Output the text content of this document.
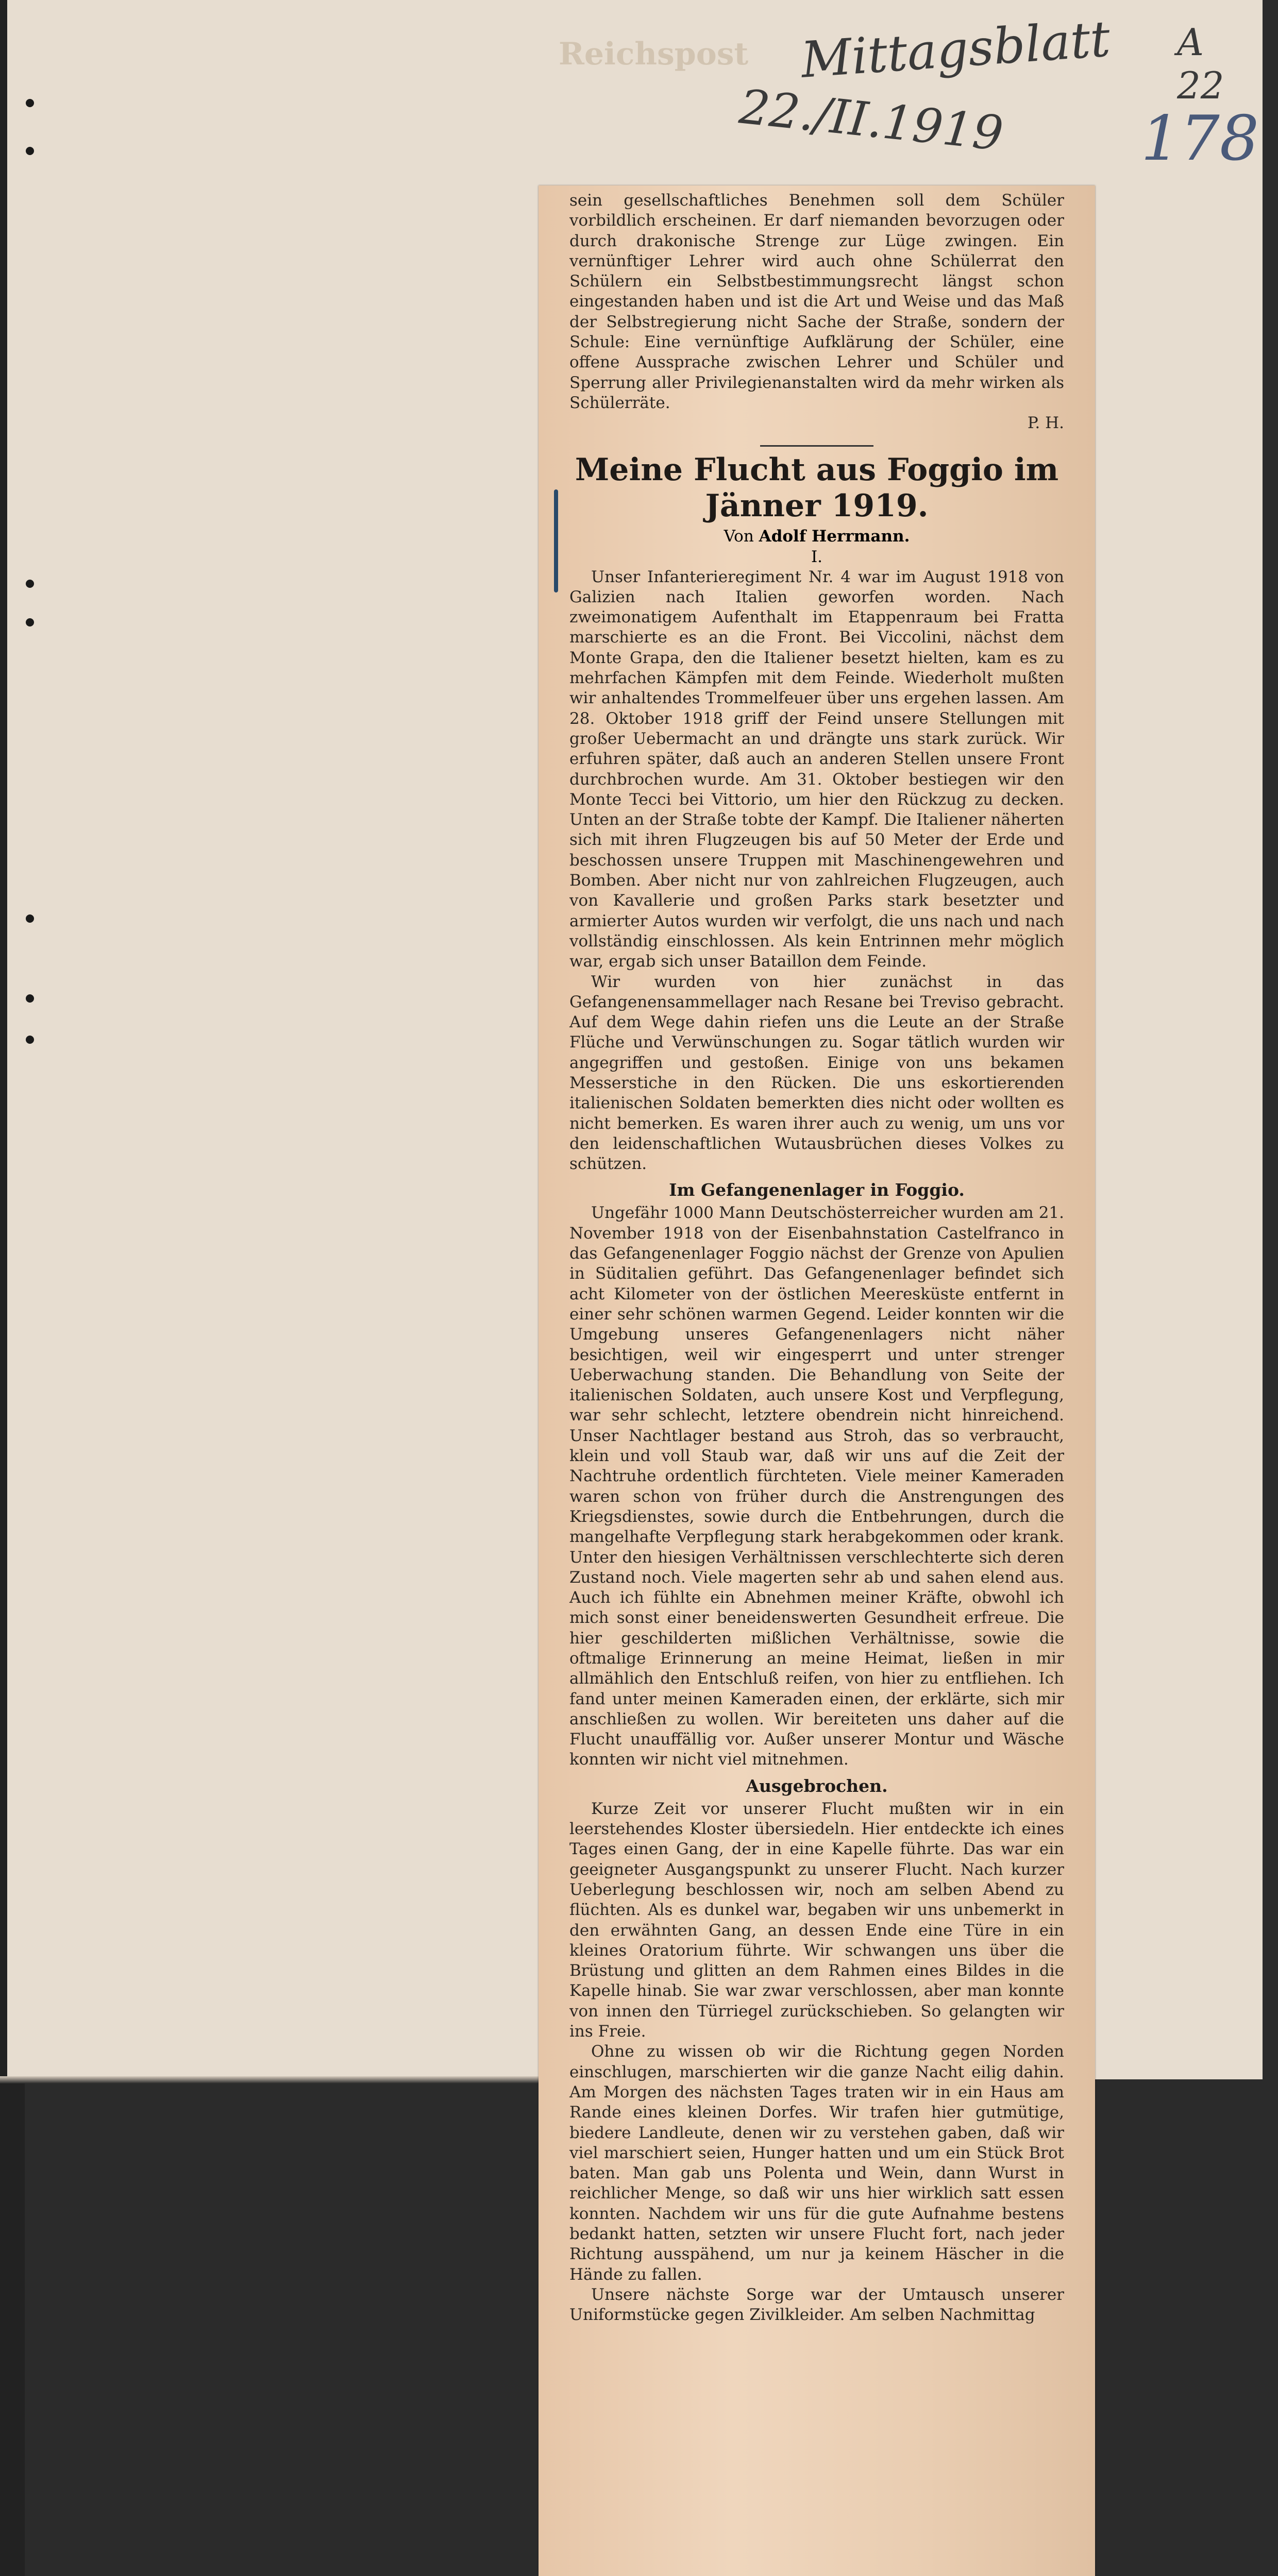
Reichspost Mittagsblatt
22./II.1919 178
A 22

sein gesellschaftliches Benehmen soll dem Schüler vorbildlich erscheinen. Er darf niemanden bevorzugen oder durch drakonische Strenge zur Lüge zwingen. Ein vernünftiger Lehrer wird auch ohne Schülerrat den Schülern ein Selbstbestimmungsrecht längst schon eingestanden haben und ist die Art und Weise und das Maß der Selbstregierung nicht Sache der Straße, sondern der Schule: Eine vernünftige Aufklärung der Schüler, eine offene Aussprache zwischen Lehrer und Schüler und Sperrung aller Privilegienanstalten wird da mehr wirken als Schülerräte.

P. H.

Meine Flucht aus Foggio im Jänner 1919.

Von Adolf Herrmann.

I.

Unser Infanterieregiment Nr. 4 war im August 1918 von Galizien nach Italien geworfen worden. Nach zweimonatigem Aufenthalt im Etappenraum bei Fratta marschierte es an die Front. Bei Viccolini, nächst dem Monte Grapa, den die Italiener besetzt hielten, kam es zu mehrfachen Kämpfen mit dem Feinde. Wiederholt mußten wir anhaltendes Trommelfeuer über uns ergehen lassen. Am 28. Oktober 1918 griff der Feind unsere Stellungen mit großer Uebermacht an und drängte uns stark zurück. Wir erfuhren später, daß auch an anderen Stellen unsere Front durchbrochen wurde. Am 31. Oktober bestiegen wir den Monte Tecci bei Vittorio, um hier den Rückzug zu decken. Unten an der Straße tobte der Kampf. Die Italiener näherten sich mit ihren Flugzeugen bis auf 50 Meter der Erde und beschossen unsere Truppen mit Maschinengewehren und Bomben. Aber nicht nur von zahlreichen Flugzeugen, auch von Kavallerie und großen Parks stark besetzter und armierter Autos wurden wir verfolgt, die uns nach und nach vollständig einschlossen. Als kein Entrinnen mehr möglich war, ergab sich unser Bataillon dem Feinde.

Wir wurden von hier zunächst in das Gefangenensammellager nach Resane bei Treviso gebracht. Auf dem Wege dahin riefen uns die Leute an der Straße Flüche und Verwünschungen zu. Sogar tätlich wurden wir angegriffen und gestoßen. Einige von uns bekamen Messerstiche in den Rücken. Die uns eskortierenden italienischen Soldaten bemerkten dies nicht oder wollten es nicht bemerken. Es waren ihrer auch zu wenig, um uns vor den leidenschaftlichen Wutausbrüchen dieses Volkes zu schützen.

Im Gefangenenlager in Foggio.

Ungefähr 1000 Mann Deutschösterreicher wurden am 21. November 1918 von der Eisenbahnstation Castelfranco in das Gefangenenlager Foggio nächst der Grenze von Apulien in Süditalien geführt. Das Gefangenenlager befindet sich acht Kilometer von der östlichen Meeresküste entfernt in einer sehr schönen warmen Gegend. Leider konnten wir die Umgebung unseres Gefangenenlagers nicht näher besichtigen, weil wir eingesperrt und unter strenger Ueberwachung standen. Die Behandlung von Seite der italienischen Soldaten, auch unsere Kost und Verpflegung, war sehr schlecht, letztere obendrein nicht hinreichend. Unser Nachtlager bestand aus Stroh, das so verbraucht, klein und voll Staub war, daß wir uns auf die Zeit der Nachtruhe ordentlich fürchteten. Viele meiner Kameraden waren schon von früher durch die Anstrengungen des Kriegsdienstes, sowie durch die Entbehrungen, durch die mangelhafte Verpflegung stark herabgekommen oder krank. Unter den hiesigen Verhältnissen verschlechterte sich deren Zustand noch. Viele magerten sehr ab und sahen elend aus. Auch ich fühlte ein Abnehmen meiner Kräfte, obwohl ich mich sonst einer beneidenswerten Gesundheit erfreue. Die hier geschilderten mißlichen Verhältnisse, sowie die oftmalige Erinnerung an meine Heimat, ließen in mir allmählich den Entschluß reifen, von hier zu entfliehen. Ich fand unter meinen Kameraden einen, der erklärte, sich mir anschließen zu wollen. Wir bereiteten uns daher auf die Flucht unauffällig vor. Außer unserer Montur und Wäsche konnten wir nicht viel mitnehmen.

Ausgebrochen.

Kurze Zeit vor unserer Flucht mußten wir in ein leerstehendes Kloster übersiedeln. Hier entdeckte ich eines Tages einen Gang, der in eine Kapelle führte. Das war ein geeigneter Ausgangspunkt zu unserer Flucht. Nach kurzer Ueberlegung beschlossen wir, noch am selben Abend zu flüchten. Als es dunkel war, begaben wir uns unbemerkt in den erwähnten Gang, an dessen Ende eine Türe in ein kleines Oratorium führte. Wir schwangen uns über die Brüstung und glitten an dem Rahmen eines Bildes in die Kapelle hinab. Sie war zwar verschlossen, aber man konnte von innen den Türriegel zurückschieben. So gelangten wir ins Freie.

Ohne zu wissen ob wir die Richtung gegen Norden einschlugen, marschierten wir die ganze Nacht eilig dahin. Am Morgen des nächsten Tages traten wir in ein Haus am Rande eines kleinen Dorfes. Wir trafen hier gutmütige, biedere Landleute, denen wir zu verstehen gaben, daß wir viel marschiert seien, Hunger hatten und um ein Stück Brot baten. Man gab uns Polenta und Wein, dann Wurst in reichlicher Menge, so daß wir uns hier wirklich satt essen konnten. Nachdem wir uns für die gute Aufnahme bestens bedankt hatten, setzten wir unsere Flucht fort, nach jeder Richtung ausspähend, um nur ja keinem Häscher in die Hände zu fallen.

Unsere nächste Sorge war der Umtausch unserer Uniformstücke gegen Zivilkleider. Am selben Nachmittag
